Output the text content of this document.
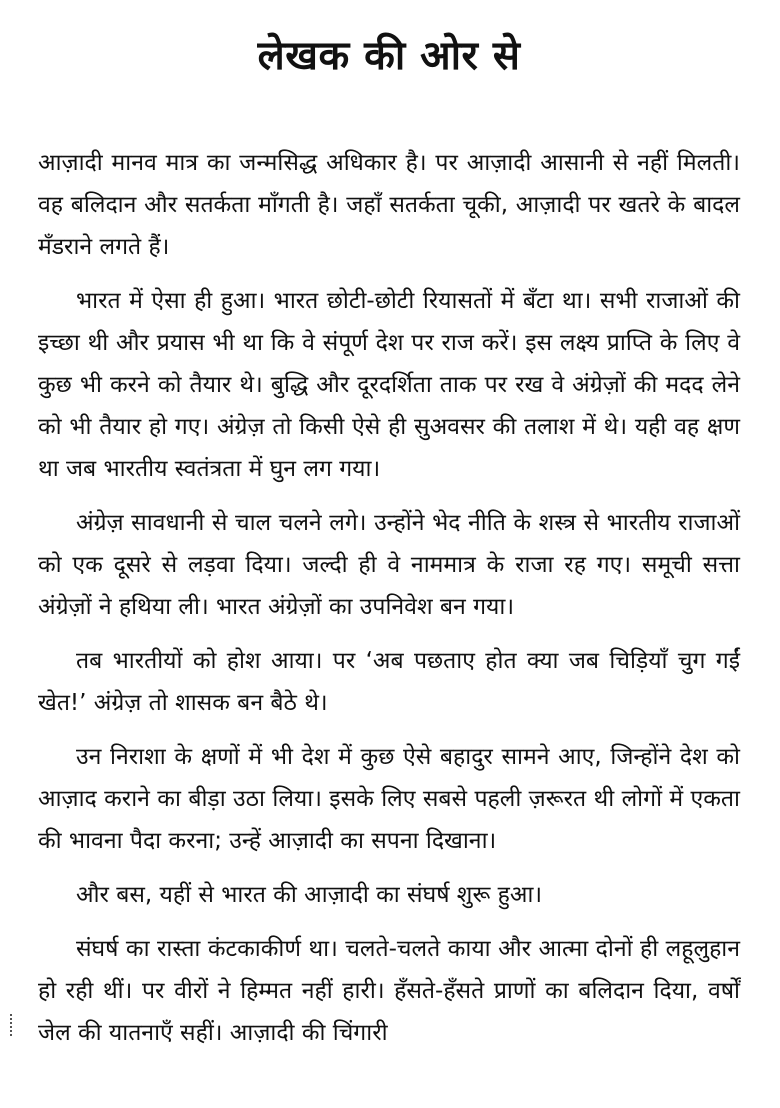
लेखक की ओर से

आज़ादी मानव मात्र का जन्मसिद्ध अधिकार है। पर आज़ादी आसानी से नहीं मिलती। वह बलिदान और सतर्कता माँगती है। जहाँ सतर्कता चूकी, आज़ादी पर खतरे के बादल मँडराने लगते हैं।

भारत में ऐसा ही हुआ। भारत छोटी-छोटी रियासतों में बँटा था। सभी राजाओं की इच्छा थी और प्रयास भी था कि वे संपूर्ण देश पर राज करें। इस लक्ष्य प्राप्ति के लिए वे कुछ भी करने को तैयार थे। बुद्धि और दूरदर्शिता ताक पर रख वे अंग्रेज़ों की मदद लेने को भी तैयार हो गए। अंग्रेज़ तो किसी ऐसे ही सुअवसर की तलाश में थे। यही वह क्षण था जब भारतीय स्वतंत्रता में घुन लग गया।

अंग्रेज़ सावधानी से चाल चलने लगे। उन्होंने भेद नीति के शस्त्र से भारतीय राजाओं को एक दूसरे से लड़वा दिया। जल्दी ही वे नाममात्र के राजा रह गए। समूची सत्ता अंग्रेज़ों ने हथिया ली। भारत अंग्रेज़ों का उपनिवेश बन गया।

तब भारतीयों को होश आया। पर ‘अब पछताए होत क्या जब चिड़ियाँ चुग गईं खेत!’ अंग्रेज़ तो शासक बन बैठे थे।

उन निराशा के क्षणों में भी देश में कुछ ऐसे बहादुर सामने आए, जिन्होंने देश को आज़ाद कराने का बीड़ा उठा लिया। इसके लिए सबसे पहली ज़रूरत थी लोगों में एकता की भावना पैदा करना; उन्हें आज़ादी का सपना दिखाना।

और बस, यहीं से भारत की आज़ादी का संघर्ष शुरू हुआ।

संघर्ष का रास्ता कंटकाकीर्ण था। चलते-चलते काया और आत्मा दोनों ही लहूलुहान हो रही थीं। पर वीरों ने हिम्मत नहीं हारी। हँसते-हँसते प्राणों का बलिदान दिया, वर्षों जेल की यातनाएँ सहीं। आज़ादी की चिंगारी
